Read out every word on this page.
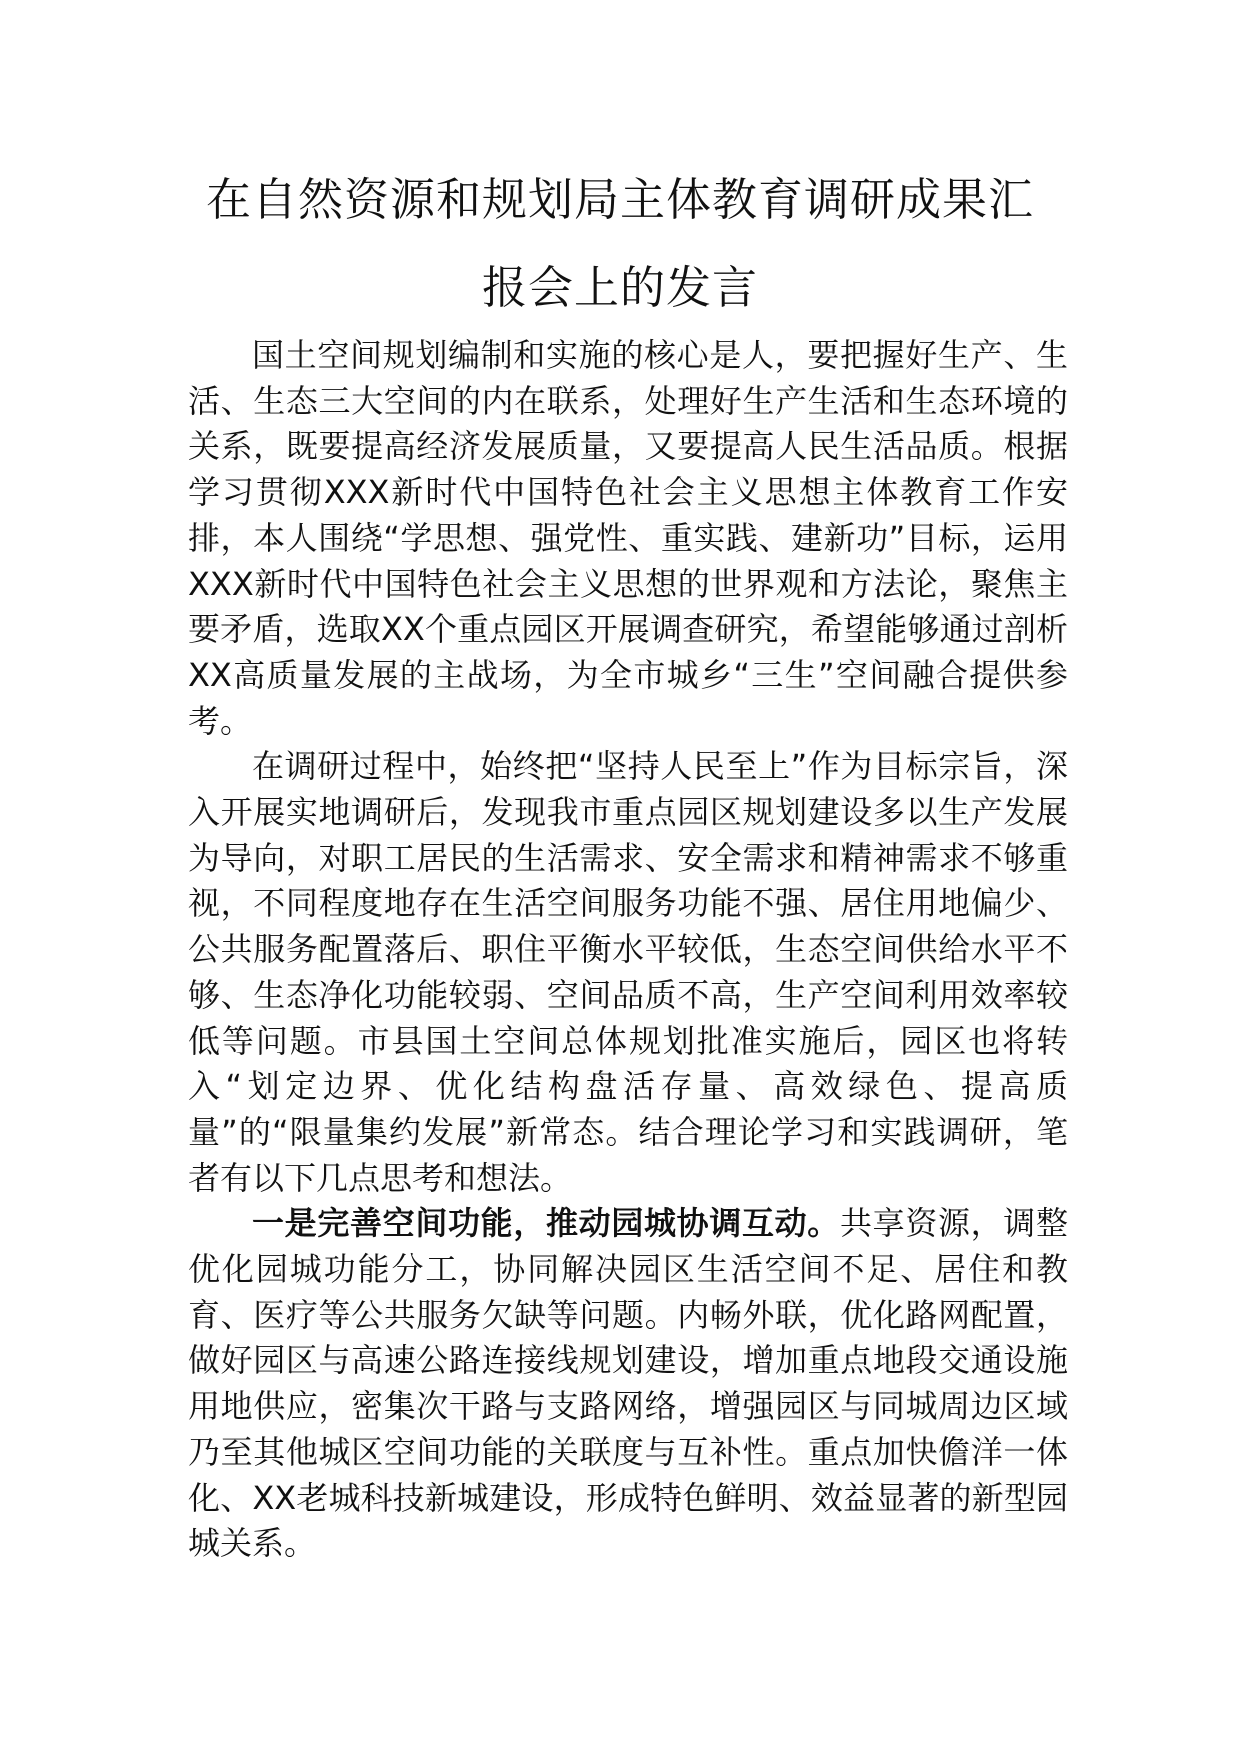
在自然资源和规划局主体教育调研成果汇
报会上的发言

国土空间规划编制和实施的核心是人，要把握好生产、生活、生态三大空间的内在联系，处理好生产生活和生态环境的关系，既要提高经济发展质量，又要提高人民生活品质。根据学习贯彻XXX新时代中国特色社会主义思想主体教育工作安排，本人围绕“学思想、强党性、重实践、建新功”目标，运用XXX新时代中国特色社会主义思想的世界观和方法论，聚焦主要矛盾，选取XX个重点园区开展调查研究，希望能够通过剖析XX高质量发展的主战场，为全市城乡“三生”空间融合提供参考。

在调研过程中，始终把“坚持人民至上”作为目标宗旨，深入开展实地调研后，发现我市重点园区规划建设多以生产发展为导向，对职工居民的生活需求、安全需求和精神需求不够重视，不同程度地存在生活空间服务功能不强、居住用地偏少、公共服务配置落后、职住平衡水平较低，生态空间供给水平不够、生态净化功能较弱、空间品质不高，生产空间利用效率较低等问题。市县国土空间总体规划批准实施后，园区也将转入“划定边界、优化结构盘活存量、高效绿色、提高质量”的“限量集约发展”新常态。结合理论学习和实践调研，笔者有以下几点思考和想法。

一是完善空间功能，推动园城协调互动。共享资源，调整优化园城功能分工，协同解决园区生活空间不足、居住和教育、医疗等公共服务欠缺等问题。内畅外联，优化路网配置，做好园区与高速公路连接线规划建设，增加重点地段交通设施用地供应，密集次干路与支路网络，增强园区与同城周边区域乃至其他城区空间功能的关联度与互补性。重点加快儋洋一体化、XX老城科技新城建设，形成特色鲜明、效益显著的新型园城关系。
